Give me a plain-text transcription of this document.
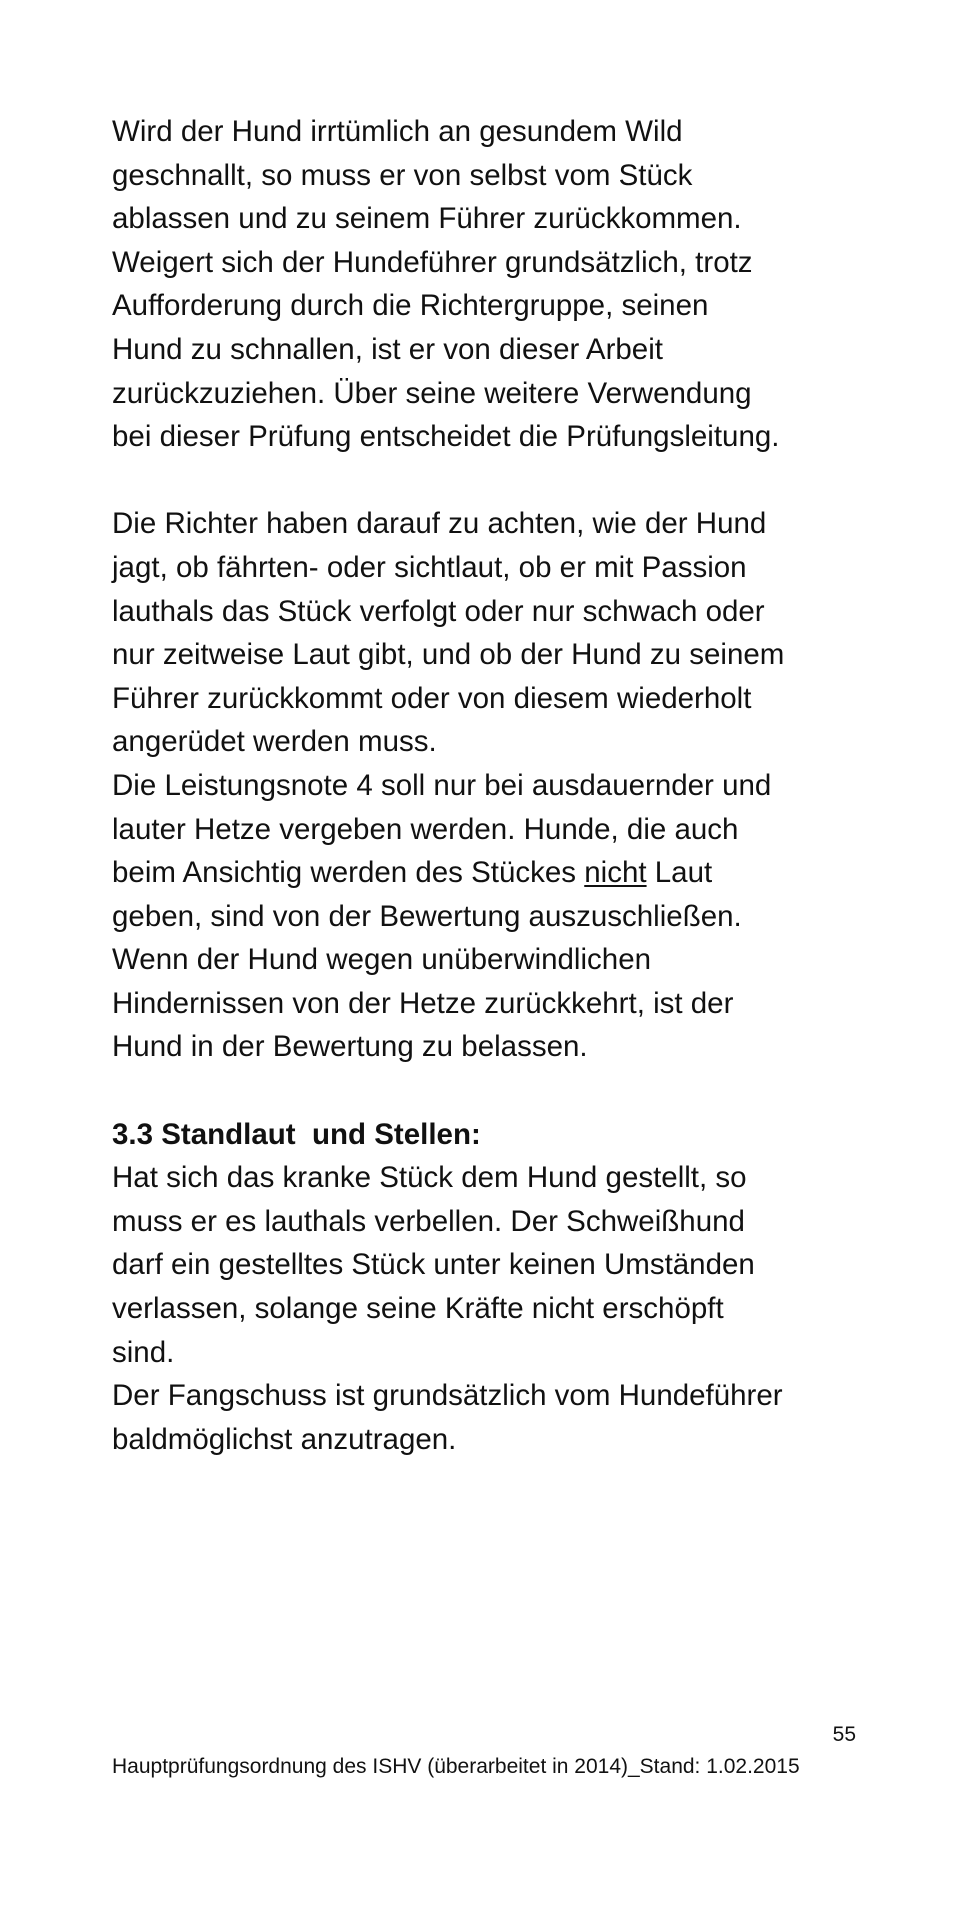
Wird der Hund irrtümlich an gesundem Wild
geschnallt, so muss er von selbst vom Stück
ablassen und zu seinem Führer zurückkommen.
Weigert sich der Hundeführer grundsätzlich, trotz
Aufforderung durch die Richtergruppe, seinen
Hund zu schnallen, ist er von dieser Arbeit
zurückzuziehen. Über seine weitere Verwendung
bei dieser Prüfung entscheidet die Prüfungsleitung.
Die Richter haben darauf zu achten, wie der Hund
jagt, ob fährten- oder sichtlaut, ob er mit Passion
lauthals das Stück verfolgt oder nur schwach oder
nur zeitweise Laut gibt, und ob der Hund zu seinem
Führer zurückkommt oder von diesem wiederholt
angerüdet werden muss.
Die Leistungsnote 4 soll nur bei ausdauernder und
lauter Hetze vergeben werden. Hunde, die auch
beim Ansichtig werden des Stückes nicht Laut
geben, sind von der Bewertung auszuschließen.
Wenn der Hund wegen unüberwindlichen
Hindernissen von der Hetze zurückkehrt, ist der
Hund in der Bewertung zu belassen.
3.3 Standlaut  und Stellen:
Hat sich das kranke Stück dem Hund gestellt, so
muss er es lauthals verbellen. Der Schweißhund
darf ein gestelltes Stück unter keinen Umständen
verlassen, solange seine Kräfte nicht erschöpft
sind.
Der Fangschuss ist grundsätzlich vom Hundeführer
baldmöglichst anzutragen.
55
Hauptprüfungsordnung des ISHV (überarbeitet in 2014)_Stand: 1.02.2015
